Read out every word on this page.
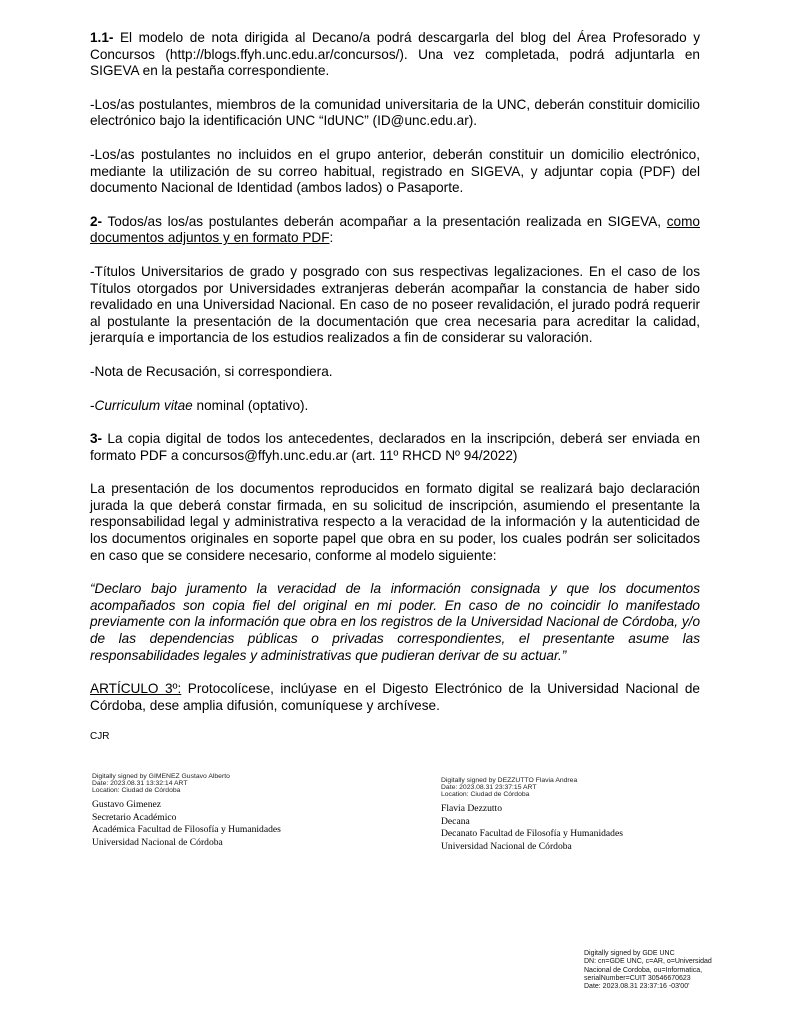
1.1- El modelo de nota dirigida al Decano/a podrá descargarla del blog del Área Profesorado y Concursos (http://blogs.ffyh.unc.edu.ar/concursos/). Una vez completada, podrá adjuntarla en SIGEVA en la pestaña correspondiente.

-Los/as postulantes, miembros de la comunidad universitaria de la UNC, deberán constituir domicilio electrónico bajo la identificación UNC “IdUNC” (ID@unc.edu.ar).

-Los/as postulantes no incluidos en el grupo anterior, deberán constituir un domicilio electrónico, mediante la utilización de su correo habitual, registrado en SIGEVA, y adjuntar copia (PDF) del documento Nacional de Identidad (ambos lados) o Pasaporte.

2- Todos/as los/as postulantes deberán acompañar a la presentación realizada en SIGEVA, como documentos adjuntos y en formato PDF:

-Títulos Universitarios de grado y posgrado con sus respectivas legalizaciones. En el caso de los Títulos otorgados por Universidades extranjeras deberán acompañar la constancia de haber sido revalidado en una Universidad Nacional. En caso de no poseer revalidación, el jurado podrá requerir al postulante la presentación de la documentación que crea necesaria para acreditar la calidad, jerarquía e importancia de los estudios realizados a fin de considerar su valoración.

-Nota de Recusación, si correspondiera.

-Curriculum vitae nominal (optativo).

3- La copia digital de todos los antecedentes, declarados en la inscripción, deberá ser enviada en formato PDF a concursos@ffyh.unc.edu.ar (art. 11º RHCD Nº 94/2022)

La presentación de los documentos reproducidos en formato digital se realizará bajo declaración jurada la que deberá constar firmada, en su solicitud de inscripción, asumiendo el presentante la responsabilidad legal y administrativa respecto a la veracidad de la información y la autenticidad de los documentos originales en soporte papel que obra en su poder, los cuales podrán ser solicitados en caso que se considere necesario, conforme al modelo siguiente:

“Declaro bajo juramento la veracidad de la información consignada y que los documentos acompañados son copia fiel del original en mi poder. En caso de no coincidir lo manifestado previamente con la información que obra en los registros de la Universidad Nacional de Córdoba, y/o de las dependencias públicas o privadas correspondientes, el presentante asume las responsabilidades legales y administrativas que pudieran derivar de su actuar.”

ARTÍCULO 3º: Protocolícese, inclúyase en el Digesto Electrónico de la Universidad Nacional de Córdoba, dese amplia difusión, comuníquese y archívese.

CJR
Digitally signed by GIMENEZ Gustavo Alberto
Date: 2023.08.31 13:32:14 ART
Location: Ciudad de Córdoba
Gustavo Gimenez
Secretario Académico
Académica Facultad de Filosofía y Humanidades
Universidad Nacional de Córdoba
Digitally signed by DEZZUTTO Flavia Andrea
Date: 2023.08.31 23:37:15 ART
Location: Ciudad de Córdoba
Flavia Dezzutto
Decana
Decanato Facultad de Filosofía y Humanidades
Universidad Nacional de Córdoba
Digitally signed by GDE UNC
DN: cn=GDE UNC, c=AR, o=Universidad
Nacional de Cordoba, ou=Informatica,
serialNumber=CUIT 30546670623
Date: 2023.08.31 23:37:16 -03'00'
